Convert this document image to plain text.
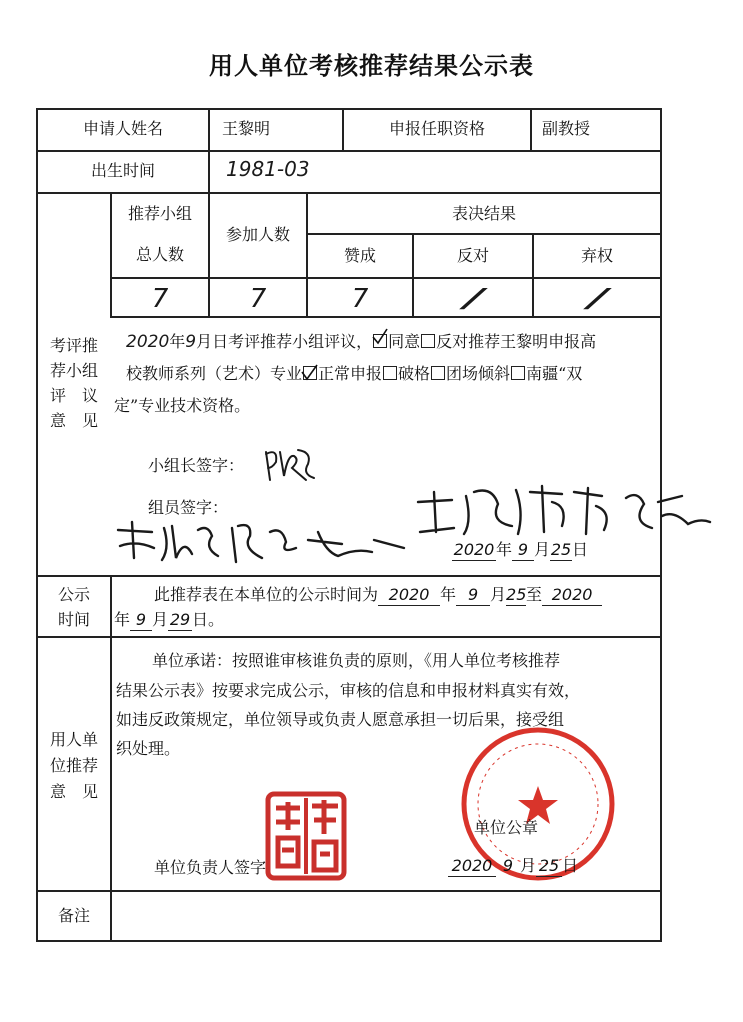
用人单位考核推荐结果公示表
申请人姓名	王黎明	申报任职资格	副教授
出生时间	1981-03
考评推
荐小组
评　议
意　见
推荐小组
总人数
参加人数
表决结果
赞成	反对	弃权
7	7	7	/	/
2020年9月日考评推荐小组评议， 同意 反对推荐王黎明申报高
校教师系列（艺术）专业 正常申报 破格 团场倾斜 南疆“双
定”专业技术资格。
小组长签字：
组员签字：
2020 年 9 月25日
公示
时间
此推荐表在本单位的公示时间为 2020 年 9 月25至 2020
年 9 月 29 日。
用人单
位推荐
意　见
单位承诺：按照谁审核谁负责的原则，《用人单位考核推荐
结果公示表》按要求完成公示，审核的信息和申报材料真实有效，
如违反政策规定，单位领导或负责人愿意承担一切后果，接受组
织处理。
单位公章
单位负责人签字	2020 9 月 25 日
备注
